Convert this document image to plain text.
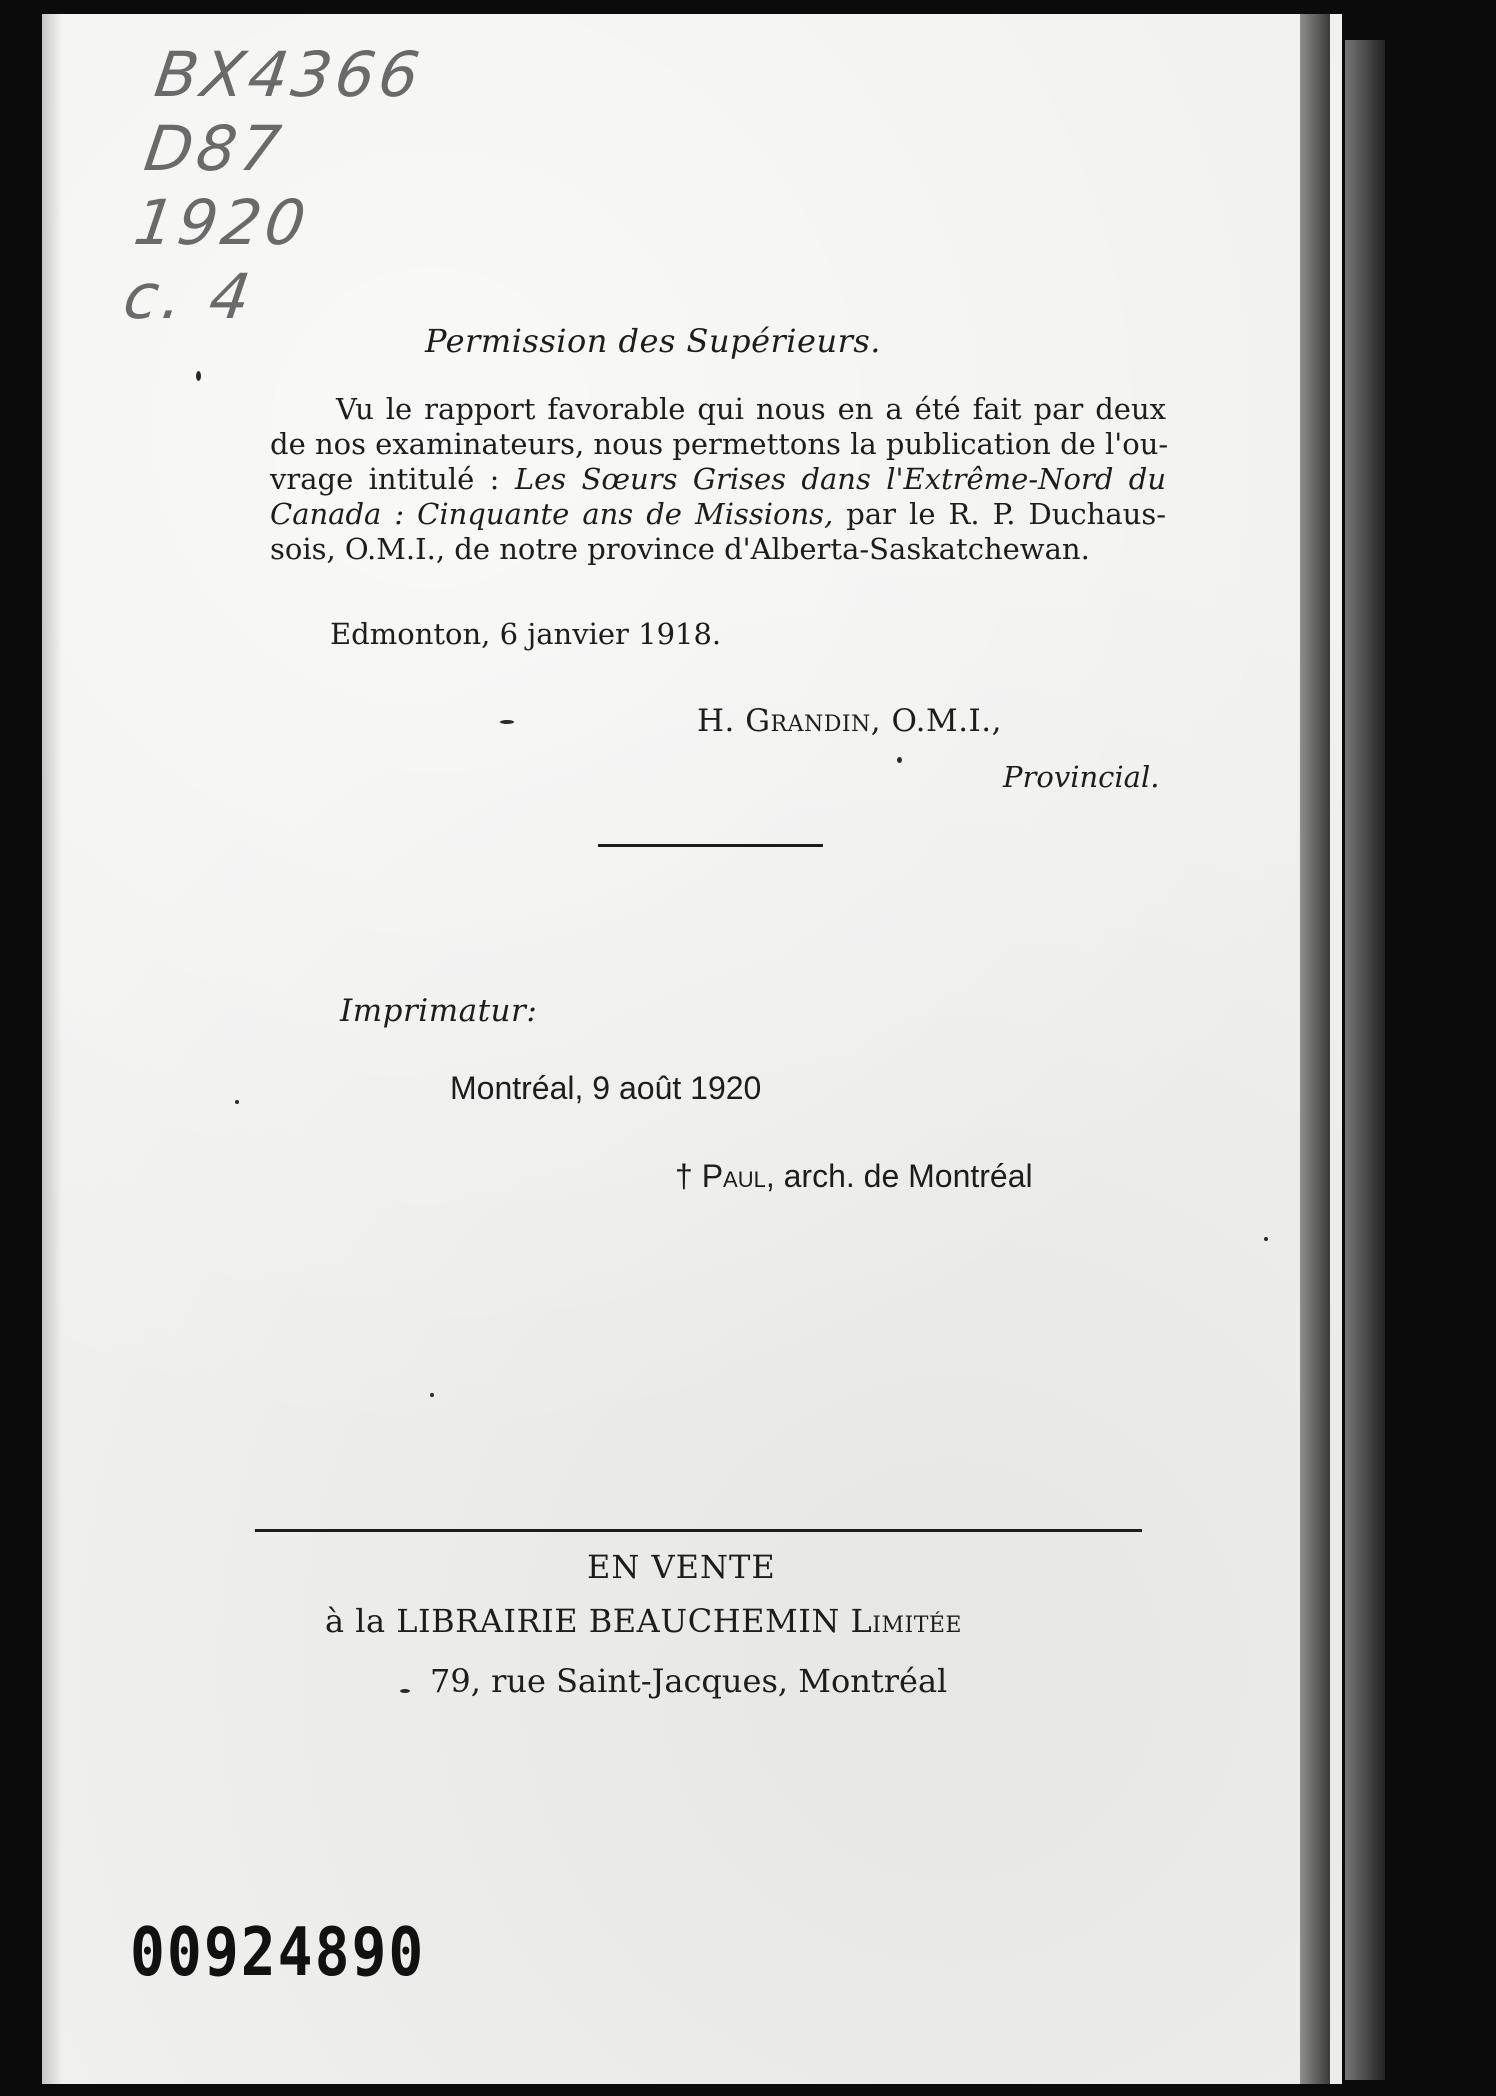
BX4366
D87
1920
c. 4
Permission des Supérieurs.
Vu le rapport favorable qui nous en a été fait par deux
de nos examinateurs, nous permettons la publication de l'ou-
vrage intitulé : Les Sœurs Grises dans l'Extrême-Nord du
Canada : Cinquante ans de Missions, par le R. P. Duchaus-
sois, O.M.I., de notre province d'Alberta-Saskatchewan.
Edmonton, 6 janvier 1918.
H. Grandin, O.M.I.,
Provincial.
Imprimatur:
Montréal, 9 août 1920
† Paul, arch. de Montréal
EN VENTE
à la LIBRAIRIE BEAUCHEMIN Limitée
79, rue Saint-Jacques, Montréal
00924890
